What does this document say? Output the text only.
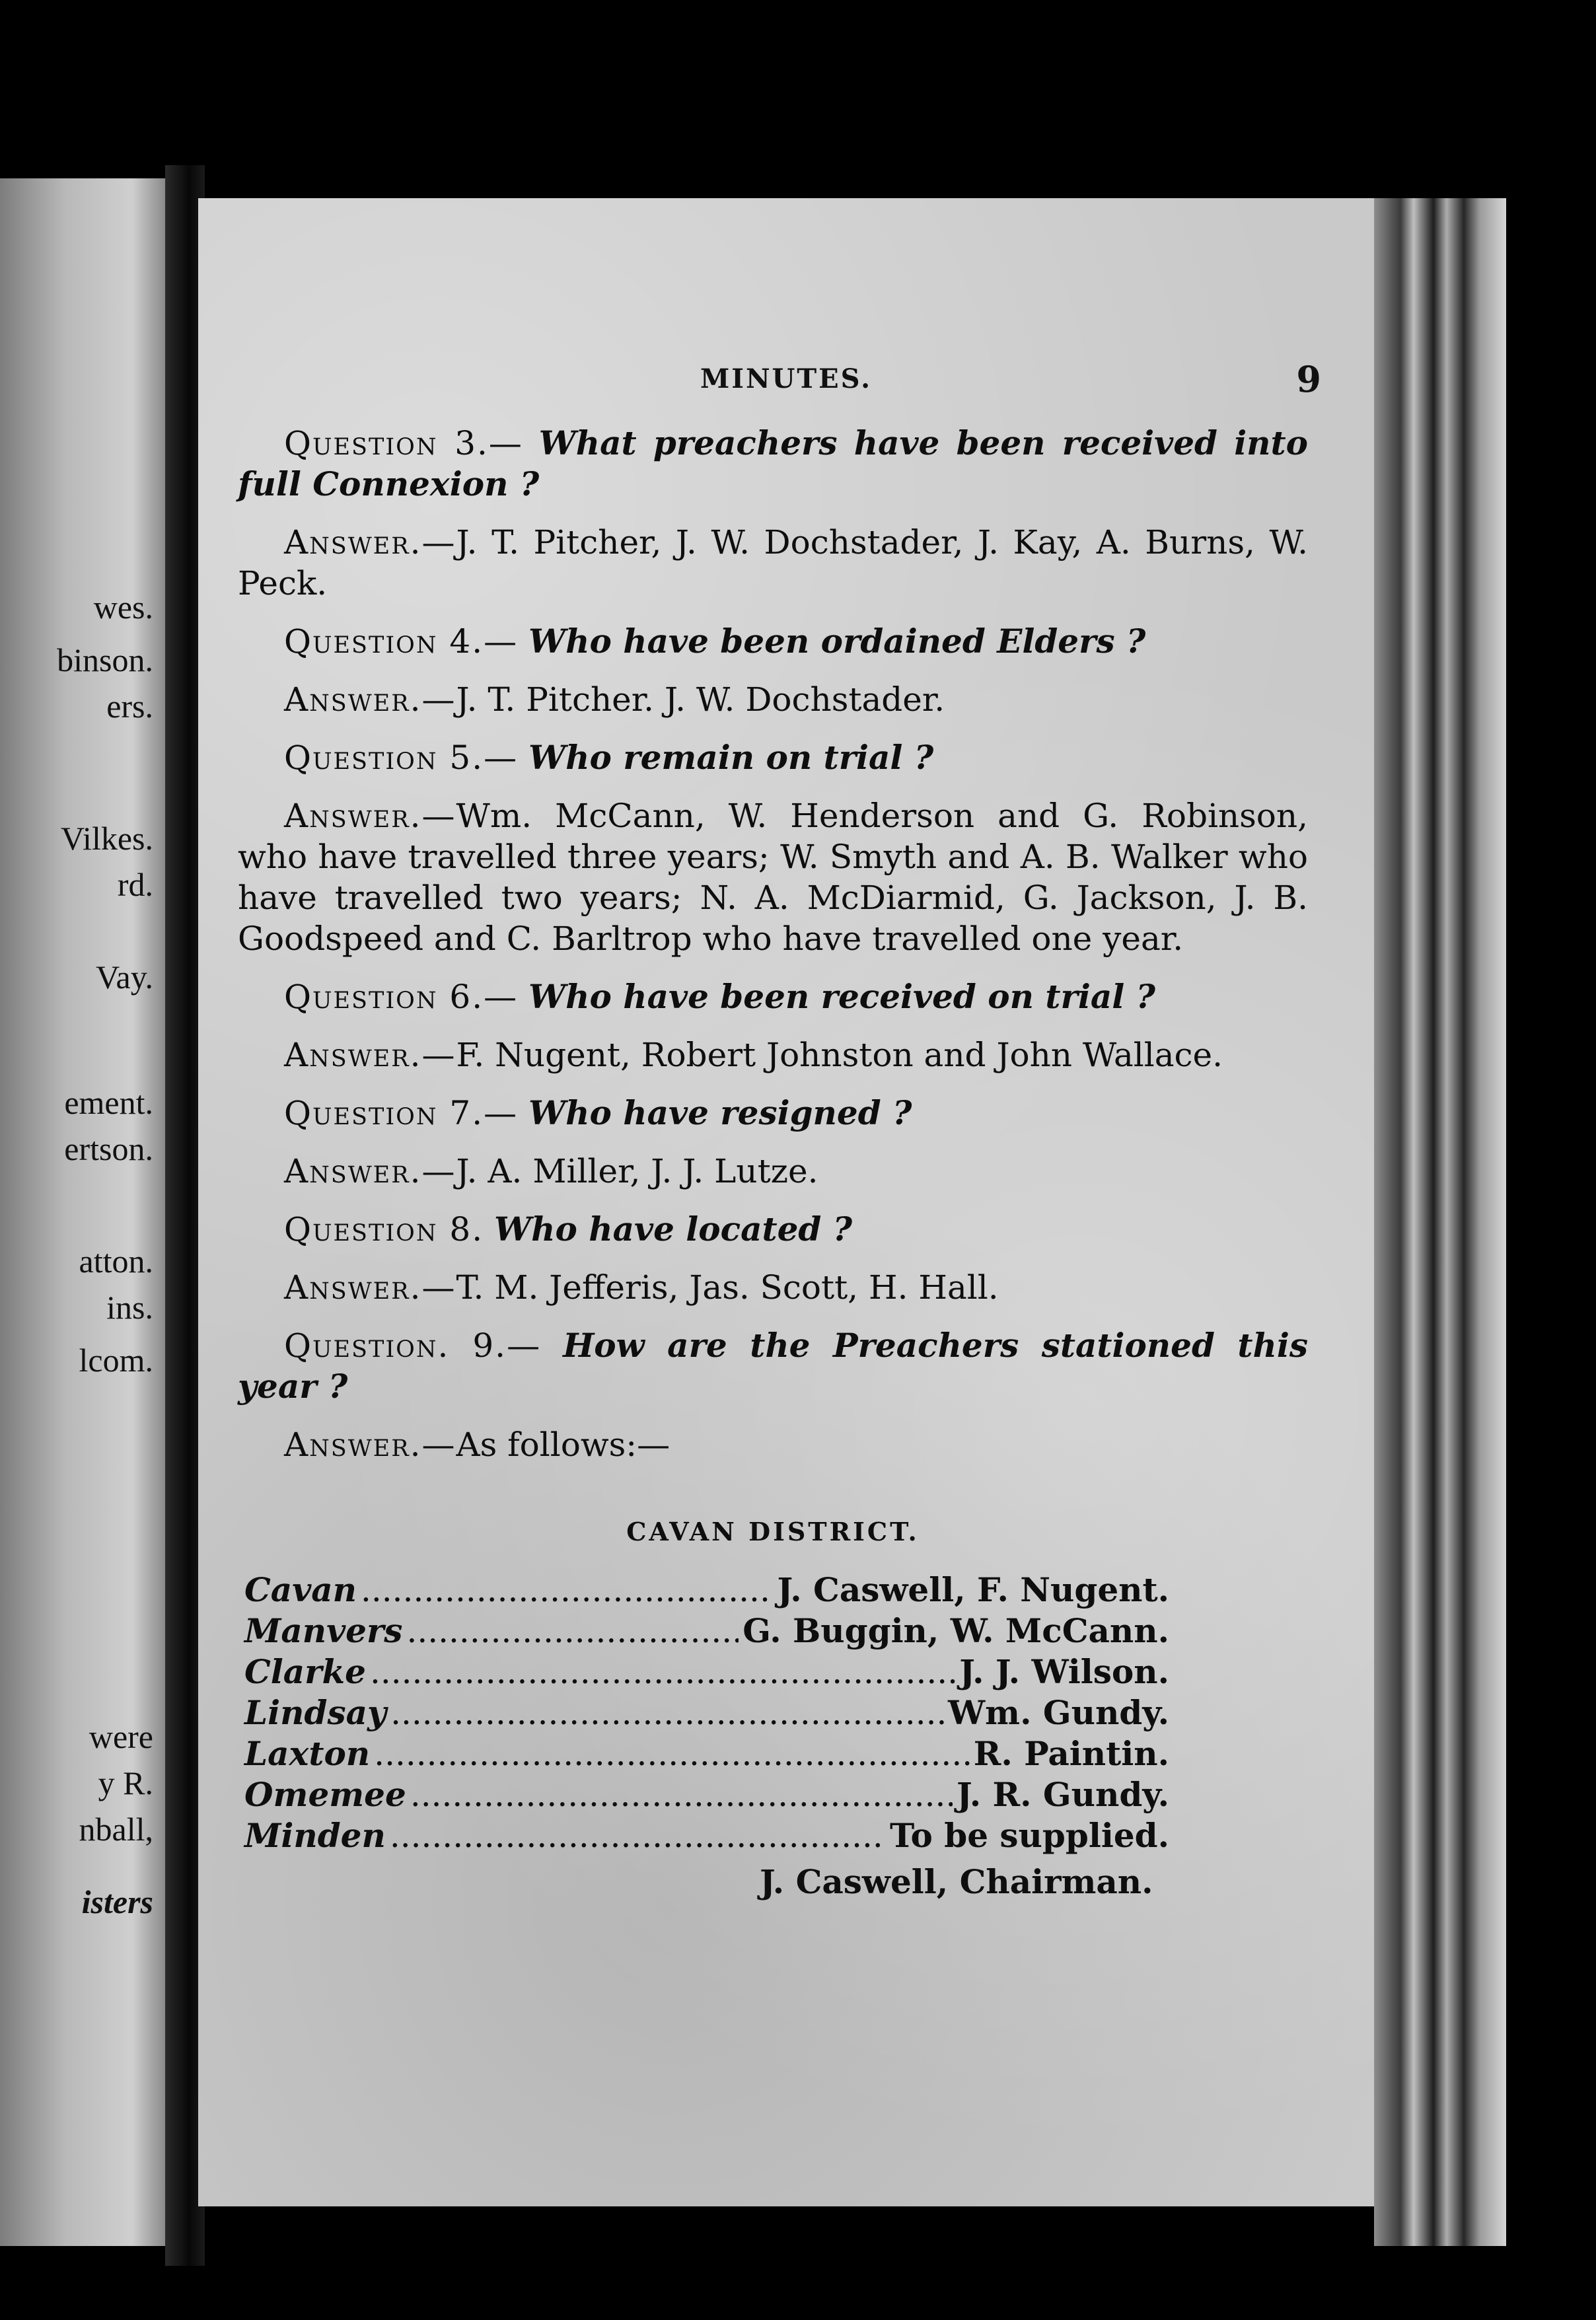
wes.
binson.
ers.
Vilkes.
rd.
Vay.
ement.
ertson.
atton.
ins.
lcom.
were
y R.
nball,
isters
MINUTES.	9

Question 3.— What preachers have been received into full Connexion ?

Answer.—J. T. Pitcher, J. W. Dochstader, J. Kay, A. Burns, W. Peck.

Question 4.— Who have been ordained Elders ?

Answer.—J. T. Pitcher. J. W. Dochstader.

Question 5.— Who remain on trial ?

Answer.—Wm. McCann, W. Henderson and G. Robinson, who have travelled three years; W. Smyth and A. B. Walker who have travelled two years; N. A. McDiarmid, G. Jackson, J. B. Goodspeed and C. Barltrop who have travelled one year.

Question 6.— Who have been received on trial ?

Answer.—F. Nugent, Robert Johnston and John Wallace.

Question 7.— Who have resigned ?

Answer.—J. A. Miller, J. J. Lutze.

Question 8. Who have located ?

Answer.—T. M. Jefferis, Jas. Scott, H. Hall.

Question. 9.— How are the Preachers stationed this year ?

Answer.—As follows:—

CAVAN DISTRICT.
Cavan .....	J. Caswell, F. Nugent.
Manvers .....	G. Buggin, W. McCann.
Clarke .....	J. J. Wilson.
Lindsay .....	Wm. Gundy.
Laxton .....	R. Paintin.
Omemee .....	J. R. Gundy.
Minden .....	To be supplied.
J. Caswell, Chairman.
